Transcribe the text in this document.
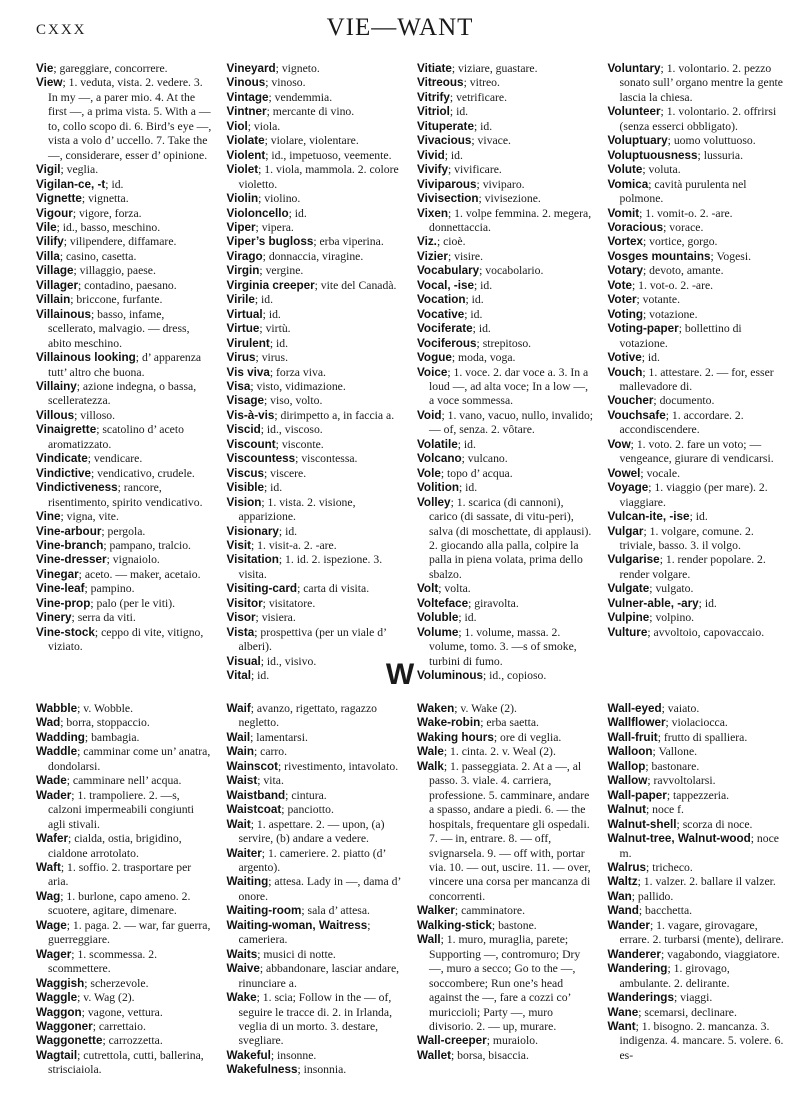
CXXX	VIE—WANT
Vie; gareggiare, concorrere.
View; 1. veduta, vista. 2. vedere. 3. In my —, a parer mio. 4. At the first —, a prima vista. 5. With a — to, collo scopo di. 6. Bird’s eye —, vista a volo d’ uccello. 7. Take the —, considerare, esser d’ opinione.
Vigil; veglia.
Vigilan-ce, -t; id.
Vignette; vignetta.
Vigour; vigore, forza.
Vile; id., basso, meschino.
Vilify; vilipendere, diffamare.
Villa; casino, casetta.
Village; villaggio, paese.
Villager; contadino, paesano.
Villain; briccone, furfante.
Villainous; basso, infame, scellerato, malvagio. — dress, abito meschino.
Villainous looking; d’ apparenza tutt’ altro che buona.
Villainy; azione indegna, o bassa, scelleratezza.
Villous; villoso.
Vinaigrette; scatolino d’ aceto aromatizzato.
Vindicate; vendicare.
Vindictive; vendicativo, crudele.
Vindictiveness; rancore, risentimento, spirito vendicativo.
Vine; vigna, vite.
Vine-arbour; pergola.
Vine-branch; pampano, tralcio.
Vine-dresser; vignaiolo.
Vinegar; aceto. — maker, acetaio.
Vine-leaf; pampino.
Vine-prop; palo (per le viti).
Vinery; serra da viti.
Vine-stock; ceppo di vite, vitigno, viziato.
Vineyard; vigneto.
Vinous; vinoso.
Vintage; vendemmia.
Vintner; mercante di vino.
Viol; viola.
Violate; violare, violentare.
Violent; id., impetuoso, veemente.
Violet; 1. viola, mammola. 2. colore violetto.
Violin; violino.
Violoncello; id.
Viper; vipera.
Viper’s bugloss; erba viperina.
Virago; donnaccia, viragine.
Virgin; vergine.
Virginia creeper; vite del Canadà.
Virile; id.
Virtual; id.
Virtue; virtù.
Virulent; id.
Virus; virus.
Vis viva; forza viva.
Visa; visto, vidimazione.
Visage; viso, volto.
Vis-à-vis; dirimpetto a, in faccia a.
Viscid; id., viscoso.
Viscount; visconte.
Viscountess; viscontessa.
Viscus; viscere.
Visible; id.
Vision; 1. vista. 2. visione, apparizione.
Visionary; id.
Visit; 1. visit-a. 2. -are.
Visitation; 1. id. 2. ispezione. 3. visita.
Visiting-card; carta di visita.
Visitor; visitatore.
Visor; visiera.
Vista; prospettiva (per un viale d’ alberi).
Visual; id., visivo.
Vital; id.
Vitiate; viziare, guastare.
Vitreous; vitreo.
Vitrify; vetrificare.
Vitriol; id.
Vituperate; id.
Vivacious; vivace.
Vivid; id.
Vivify; vivificare.
Viviparous; viviparo.
Vivisection; vivisezione.
Vixen; 1. volpe femmina. 2. megera, donnettaccia.
Viz.; cioè.
Vizier; visire.
Vocabulary; vocabolario.
Vocal, -ise; id.
Vocation; id.
Vocative; id.
Vociferate; id.
Vociferous; strepitoso.
Vogue; moda, voga.
Voice; 1. voce. 2. dar voce a. 3. In a loud —, ad alta voce; In a low —, a voce sommessa.
Void; 1. vano, vacuo, nullo, invalido; — of, senza. 2. vôtare.
Volatile; id.
Volcano; vulcano.
Vole; topo d’ acqua.
Volition; id.
Volley; 1. scarica (di cannoni), carico (di sassate, di vitu-peri), salva (di moschettate, di applausi). 2. giocando alla palla, colpire la palla in piena volata, prima dello sbalzo.
Volt; volta.
Volteface; giravolta.
Voluble; id.
Volume; 1. volume, massa. 2. volume, tomo. 3. —s of smoke, turbini di fumo.
Voluminous; id., copioso.
Voluntary; 1. volontario. 2. pezzo sonato sull’ organo mentre la gente lascia la chiesa.
Volunteer; 1. volontario. 2. offrirsi (senza esserci obbligato).
Voluptuary; uomo voluttuoso.
Voluptuousness; lussuria.
Volute; voluta.
Vomica; cavità purulenta nel polmone.
Vomit; 1. vomit-o. 2. -are.
Voracious; vorace.
Vortex; vortice, gorgo.
Vosges mountains; Vogesi.
Votary; devoto, amante.
Vote; 1. vot-o. 2. -are.
Voter; votante.
Voting; votazione.
Voting-paper; bollettino di votazione.
Votive; id.
Vouch; 1. attestare. 2. — for, esser mallevadore di.
Voucher; documento.
Vouchsafe; 1. accordare. 2. accondiscendere.
Vow; 1. voto. 2. fare un voto; — vengeance, giurare di vendicarsi.
Vowel; vocale.
Voyage; 1. viaggio (per mare). 2. viaggiare.
Vulcan-ite, -ise; id.
Vulgar; 1. volgare, comune. 2. triviale, basso. 3. il volgo.
Vulgarise; 1. render popolare. 2. render volgare.
Vulgate; vulgato.
Vulner-able, -ary; id.
Vulpine; volpino.
Vulture; avvoltoio, capovaccaio.
W
Wabble; v. Wobble.
Wad; borra, stoppaccio.
Wadding; bambagia.
Waddle; camminar come un’ anatra, dondolarsi.
Wade; camminare nell’ acqua.
Wader; 1. trampoliere. 2. —s, calzoni impermeabili congiunti agli stivali.
Wafer; cialda, ostia, brigidino, cialdone arrotolato.
Waft; 1. soffio. 2. trasportare per aria.
Wag; 1. burlone, capo ameno. 2. scuotere, agitare, dimenare.
Wage; 1. paga. 2. — war, far guerra, guerreggiare.
Wager; 1. scommessa. 2. scommettere.
Waggish; scherzevole.
Waggle; v. Wag (2).
Waggon; vagone, vettura.
Waggoner; carrettaio.
Waggonette; carrozzetta.
Wagtail; cutrettola, cutti, ballerina, strisciaiola.
Waif; avanzo, rigettato, ragazzo negletto.
Wail; lamentarsi.
Wain; carro.
Wainscot; rivestimento, intavolato.
Waist; vita.
Waistband; cintura.
Waistcoat; panciotto.
Wait; 1. aspettare. 2. — upon, (a) servire, (b) andare a vedere.
Waiter; 1. cameriere. 2. piatto (d’ argento).
Waiting; attesa. Lady in —, dama d’ onore.
Waiting-room; sala d’ attesa.
Waiting-woman, Waitress; cameriera.
Waits; musici di notte.
Waive; abbandonare, lasciar andare, rinunciare a.
Wake; 1. scia; Follow in the — of, seguire le tracce di. 2. in Irlanda, veglia di un morto. 3. destare, svegliare.
Wakeful; insonne.
Wakefulness; insonnia.
Waken; v. Wake (2).
Wake-robin; erba saetta.
Waking hours; ore di veglia.
Wale; 1. cinta. 2. v. Weal (2).
Walk; 1. passeggiata. 2. At a —, al passo. 3. viale. 4. carriera, professione. 5. camminare, andare a spasso, andare a piedi. 6. — the hospitals, frequentare gli ospedali. 7. — in, entrare. 8. — off, svignarsela. 9. — off with, portar via. 10. — out, uscire. 11. — over, vincere una corsa per mancanza di concorrenti.
Walker; camminatore.
Walking-stick; bastone.
Wall; 1. muro, muraglia, parete; Supporting —, contromuro; Dry —, muro a secco; Go to the —, soccombere; Run one’s head against the —, fare a cozzi co’ muriccioli; Party —, muro divisorio. 2. — up, murare.
Wall-creeper; muraiolo.
Wallet; borsa, bisaccia.
Wall-eyed; vaiato.
Wallflower; violaciocca.
Wall-fruit; frutto di spalliera.
Walloon; Vallone.
Wallop; bastonare.
Wallow; ravvoltolarsi.
Wall-paper; tappezzeria.
Walnut; noce f.
Walnut-shell; scorza di noce.
Walnut-tree, Walnut-wood; noce m.
Walrus; tricheco.
Waltz; 1. valzer. 2. ballare il valzer.
Wan; pallido.
Wand; bacchetta.
Wander; 1. vagare, girovagare, errare. 2. turbarsi (mente), delirare.
Wanderer; vagabondo, viaggiatore.
Wandering; 1. girovago, ambulante. 2. delirante.
Wanderings; viaggi.
Wane; scemarsi, declinare.
Want; 1. bisogno. 2. mancanza. 3. indigenza. 4. mancare. 5. volere. 6. es-
